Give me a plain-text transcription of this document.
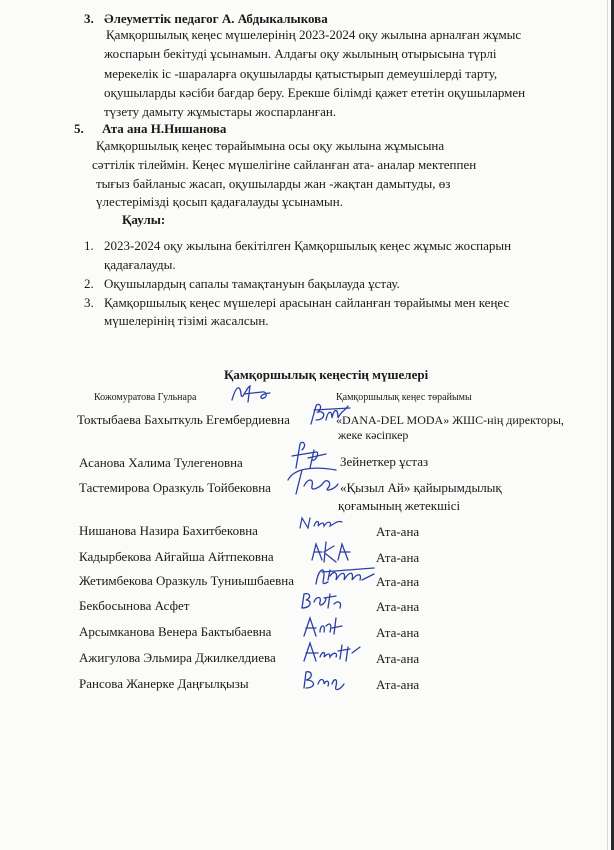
3. Әлеуметтік педагог А. Абдыкалыкова
Қамқоршылық кеңес мүшелерінің 2023-2024 оқу жылына арналған жұмыс
жоспарын бекітуді ұсынамын. Алдағы оқу жылының отырысына түрлі
мерекелік іс -шараларға оқушыларды қатыстырып демеушілерді тарту,
оқушыларды кәсіби бағдар беру. Ерекше білімді қажет ететін оқушылармен
түзету дамыту жұмыстары жоспарланған.
5. Ата ана Н.Нишанова
Қамқоршылық кеңес төрайымына осы оқу жылына жұмысына
сәттілік тілеймін. Кеңес мүшелігіне сайланған ата- аналар мектеппен
тығыз байланыс жасап, оқушыларды жан -жақтан дамытуды, өз
үлестерімізді қосып қадағалауды ұсынамын.
Қаулы:
1. 2023-2024 оқу жылына бекітілген Қамқоршылық кеңес жұмыс жоспарын
қадағалауды.
2. Оқушылардың сапалы тамақтануын бақылауда ұстау.
3. Қамқоршылық кеңес мүшелері арасынан сайланған төрайымы мен кеңес
мүшелерінің тізімі жасалсын.
Қамқоршылық кеңестің мүшелері
Кожомуратова Гульнара	Қамқоршылық кеңес төрайымы
Токтыбаева Бахыткуль Егембердиевна	«DANA-DEL MODA» ЖШС-нің директоры,
жеке кәсіпкер
Асанова Халима Тулегеновна	Зейнеткер ұстаз
Тастемирова Оразкуль Тойбековна	«Қызыл Ай» қайырымдылық
қоғамының жетекшісі
Нишанова Назира Бахитбековна	Ата-ана
Кадырбекова Айгайша Айтпековна	Ата-ана
Жетимбекова Оразкуль Туниышбаевна	Ата-ана
Бекбосынова Асфет	Ата-ана
Арсымканова Венера Бактыбаевна	Ата-ана
Ажигулова Эльмира Джилкелдиева	Ата-ана
Рансова Жанерке Даңғылқызы	Ата-ана
